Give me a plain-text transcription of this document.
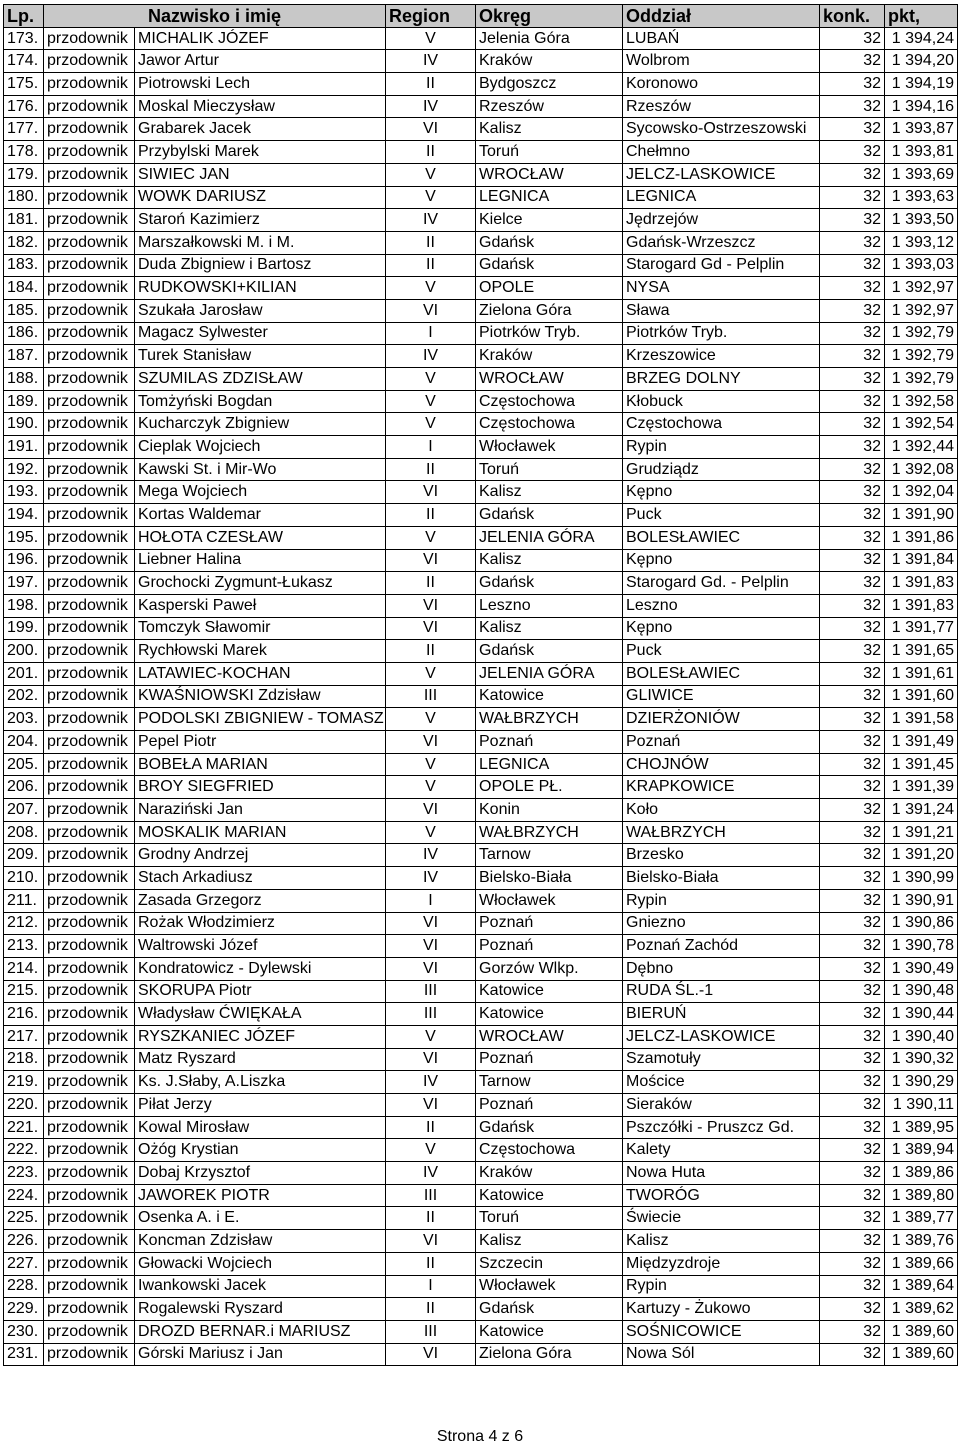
Lp.	Nazwisko i imię		Region	Okręg	Oddział	konk.	pkt,
173.	przodownik	MICHALIK JÓZEF	V	Jelenia Góra	LUBAŃ	32	1 394,24
174.	przodownik	Jawor Artur	IV	Kraków	Wolbrom	32	1 394,20
175.	przodownik	Piotrowski Lech	II	Bydgoszcz	Koronowo	32	1 394,19
176.	przodownik	Moskal Mieczysław	IV	Rzeszów	Rzeszów	32	1 394,16
177.	przodownik	Grabarek Jacek	VI	Kalisz	Sycowsko-Ostrzeszowski	32	1 393,87
178.	przodownik	Przybylski Marek	II	Toruń	Chełmno	32	1 393,81
179.	przodownik	SIWIEC JAN	V	WROCŁAW	JELCZ-LASKOWICE	32	1 393,69
180.	przodownik	WOWK DARIUSZ	V	LEGNICA	LEGNICA	32	1 393,63
181.	przodownik	Staroń Kazimierz	IV	Kielce	Jędrzejów	32	1 393,50
182.	przodownik	Marszałkowski M. i M.	II	Gdańsk	Gdańsk-Wrzeszcz	32	1 393,12
183.	przodownik	Duda Zbigniew i Bartosz	II	Gdańsk	Starogard Gd - Pelplin	32	1 393,03
184.	przodownik	RUDKOWSKI+KILIAN	V	OPOLE	NYSA	32	1 392,97
185.	przodownik	Szukała Jarosław	VI	Zielona Góra	Sława	32	1 392,97
186.	przodownik	Magacz Sylwester	I	Piotrków Tryb.	Piotrków Tryb.	32	1 392,79
187.	przodownik	Turek Stanisław	IV	Kraków	Krzeszowice	32	1 392,79
188.	przodownik	SZUMILAS ZDZISŁAW	V	WROCŁAW	BRZEG DOLNY	32	1 392,79
189.	przodownik	Tomżyński Bogdan	V	Częstochowa	Kłobuck	32	1 392,58
190.	przodownik	Kucharczyk Zbigniew	V	Częstochowa	Częstochowa	32	1 392,54
191.	przodownik	Cieplak Wojciech	I	Włocławek	Rypin	32	1 392,44
192.	przodownik	Kawski St. i Mir-Wo	II	Toruń	Grudziądz	32	1 392,08
193.	przodownik	Mega Wojciech	VI	Kalisz	Kępno	32	1 392,04
194.	przodownik	Kortas Waldemar	II	Gdańsk	Puck	32	1 391,90
195.	przodownik	HOŁOTA CZESŁAW	V	JELENIA GÓRA	BOLESŁAWIEC	32	1 391,86
196.	przodownik	Liebner Halina	VI	Kalisz	Kępno	32	1 391,84
197.	przodownik	Grochocki Zygmunt-Łukasz	II	Gdańsk	Starogard Gd. - Pelplin	32	1 391,83
198.	przodownik	Kasperski Paweł	VI	Leszno	Leszno	32	1 391,83
199.	przodownik	Tomczyk Sławomir	VI	Kalisz	Kępno	32	1 391,77
200.	przodownik	Rychłowski Marek	II	Gdańsk	Puck	32	1 391,65
201.	przodownik	LATAWIEC-KOCHAN	V	JELENIA GÓRA	BOLESŁAWIEC	32	1 391,61
202.	przodownik	KWAŚNIOWSKI Zdzisław	III	Katowice	GLIWICE	32	1 391,60
203.	przodownik	PODOLSKI ZBIGNIEW - TOMASZ	V	WAŁBRZYCH	DZIERŻONIÓW	32	1 391,58
204.	przodownik	Pepel Piotr	VI	Poznań	Poznań	32	1 391,49
205.	przodownik	BOBEŁA MARIAN	V	LEGNICA	CHOJNÓW	32	1 391,45
206.	przodownik	BROY SIEGFRIED	V	OPOLE PŁ.	KRAPKOWICE	32	1 391,39
207.	przodownik	Naraziński Jan	VI	Konin	Koło	32	1 391,24
208.	przodownik	MOSKALIK MARIAN	V	WAŁBRZYCH	WAŁBRZYCH	32	1 391,21
209.	przodownik	Grodny Andrzej	IV	Tarnow	Brzesko	32	1 391,20
210.	przodownik	Stach Arkadiusz	IV	Bielsko-Biała	Bielsko-Biała	32	1 390,99
211.	przodownik	Zasada Grzegorz	I	Włocławek	Rypin	32	1 390,91
212.	przodownik	Rożak Włodzimierz	VI	Poznań	Gniezno	32	1 390,86
213.	przodownik	Waltrowski Józef	VI	Poznań	Poznań Zachód	32	1 390,78
214.	przodownik	Kondratowicz - Dylewski	VI	Gorzów Wlkp.	Dębno	32	1 390,49
215.	przodownik	SKORUPA Piotr	III	Katowice	RUDA ŚL.-1	32	1 390,48
216.	przodownik	Władysław ĆWIĘKAŁA	III	Katowice	BIERUŃ	32	1 390,44
217.	przodownik	RYSZKANIEC JÓZEF	V	WROCŁAW	JELCZ-LASKOWICE	32	1 390,40
218.	przodownik	Matz Ryszard	VI	Poznań	Szamotuły	32	1 390,32
219.	przodownik	Ks. J.Słaby, A.Liszka	IV	Tarnow	Mościce	32	1 390,29
220.	przodownik	Piłat Jerzy	VI	Poznań	Sieraków	32	1 390,11
221.	przodownik	Kowal Mirosław	II	Gdańsk	Pszczółki - Pruszcz Gd.	32	1 389,95
222.	przodownik	Ożóg Krystian	V	Częstochowa	Kalety	32	1 389,94
223.	przodownik	Dobaj Krzysztof	IV	Kraków	Nowa Huta	32	1 389,86
224.	przodownik	JAWOREK PIOTR	III	Katowice	TWORÓG	32	1 389,80
225.	przodownik	Osenka A. i E.	II	Toruń	Świecie	32	1 389,77
226.	przodownik	Koncman Zdzisław	VI	Kalisz	Kalisz	32	1 389,76
227.	przodownik	Głowacki Wojciech	II	Szczecin	Międzyzdroje	32	1 389,66
228.	przodownik	Iwankowski Jacek	I	Włocławek	Rypin	32	1 389,64
229.	przodownik	Rogalewski Ryszard	II	Gdańsk	Kartuzy - Żukowo	32	1 389,62
230.	przodownik	DROZD BERNAR.i MARIUSZ	III	Katowice	SOŚNICOWICE	32	1 389,60
231.	przodownik	Górski Mariusz i Jan	VI	Zielona Góra	Nowa Sól	32	1 389,60
Strona 4 z 6
